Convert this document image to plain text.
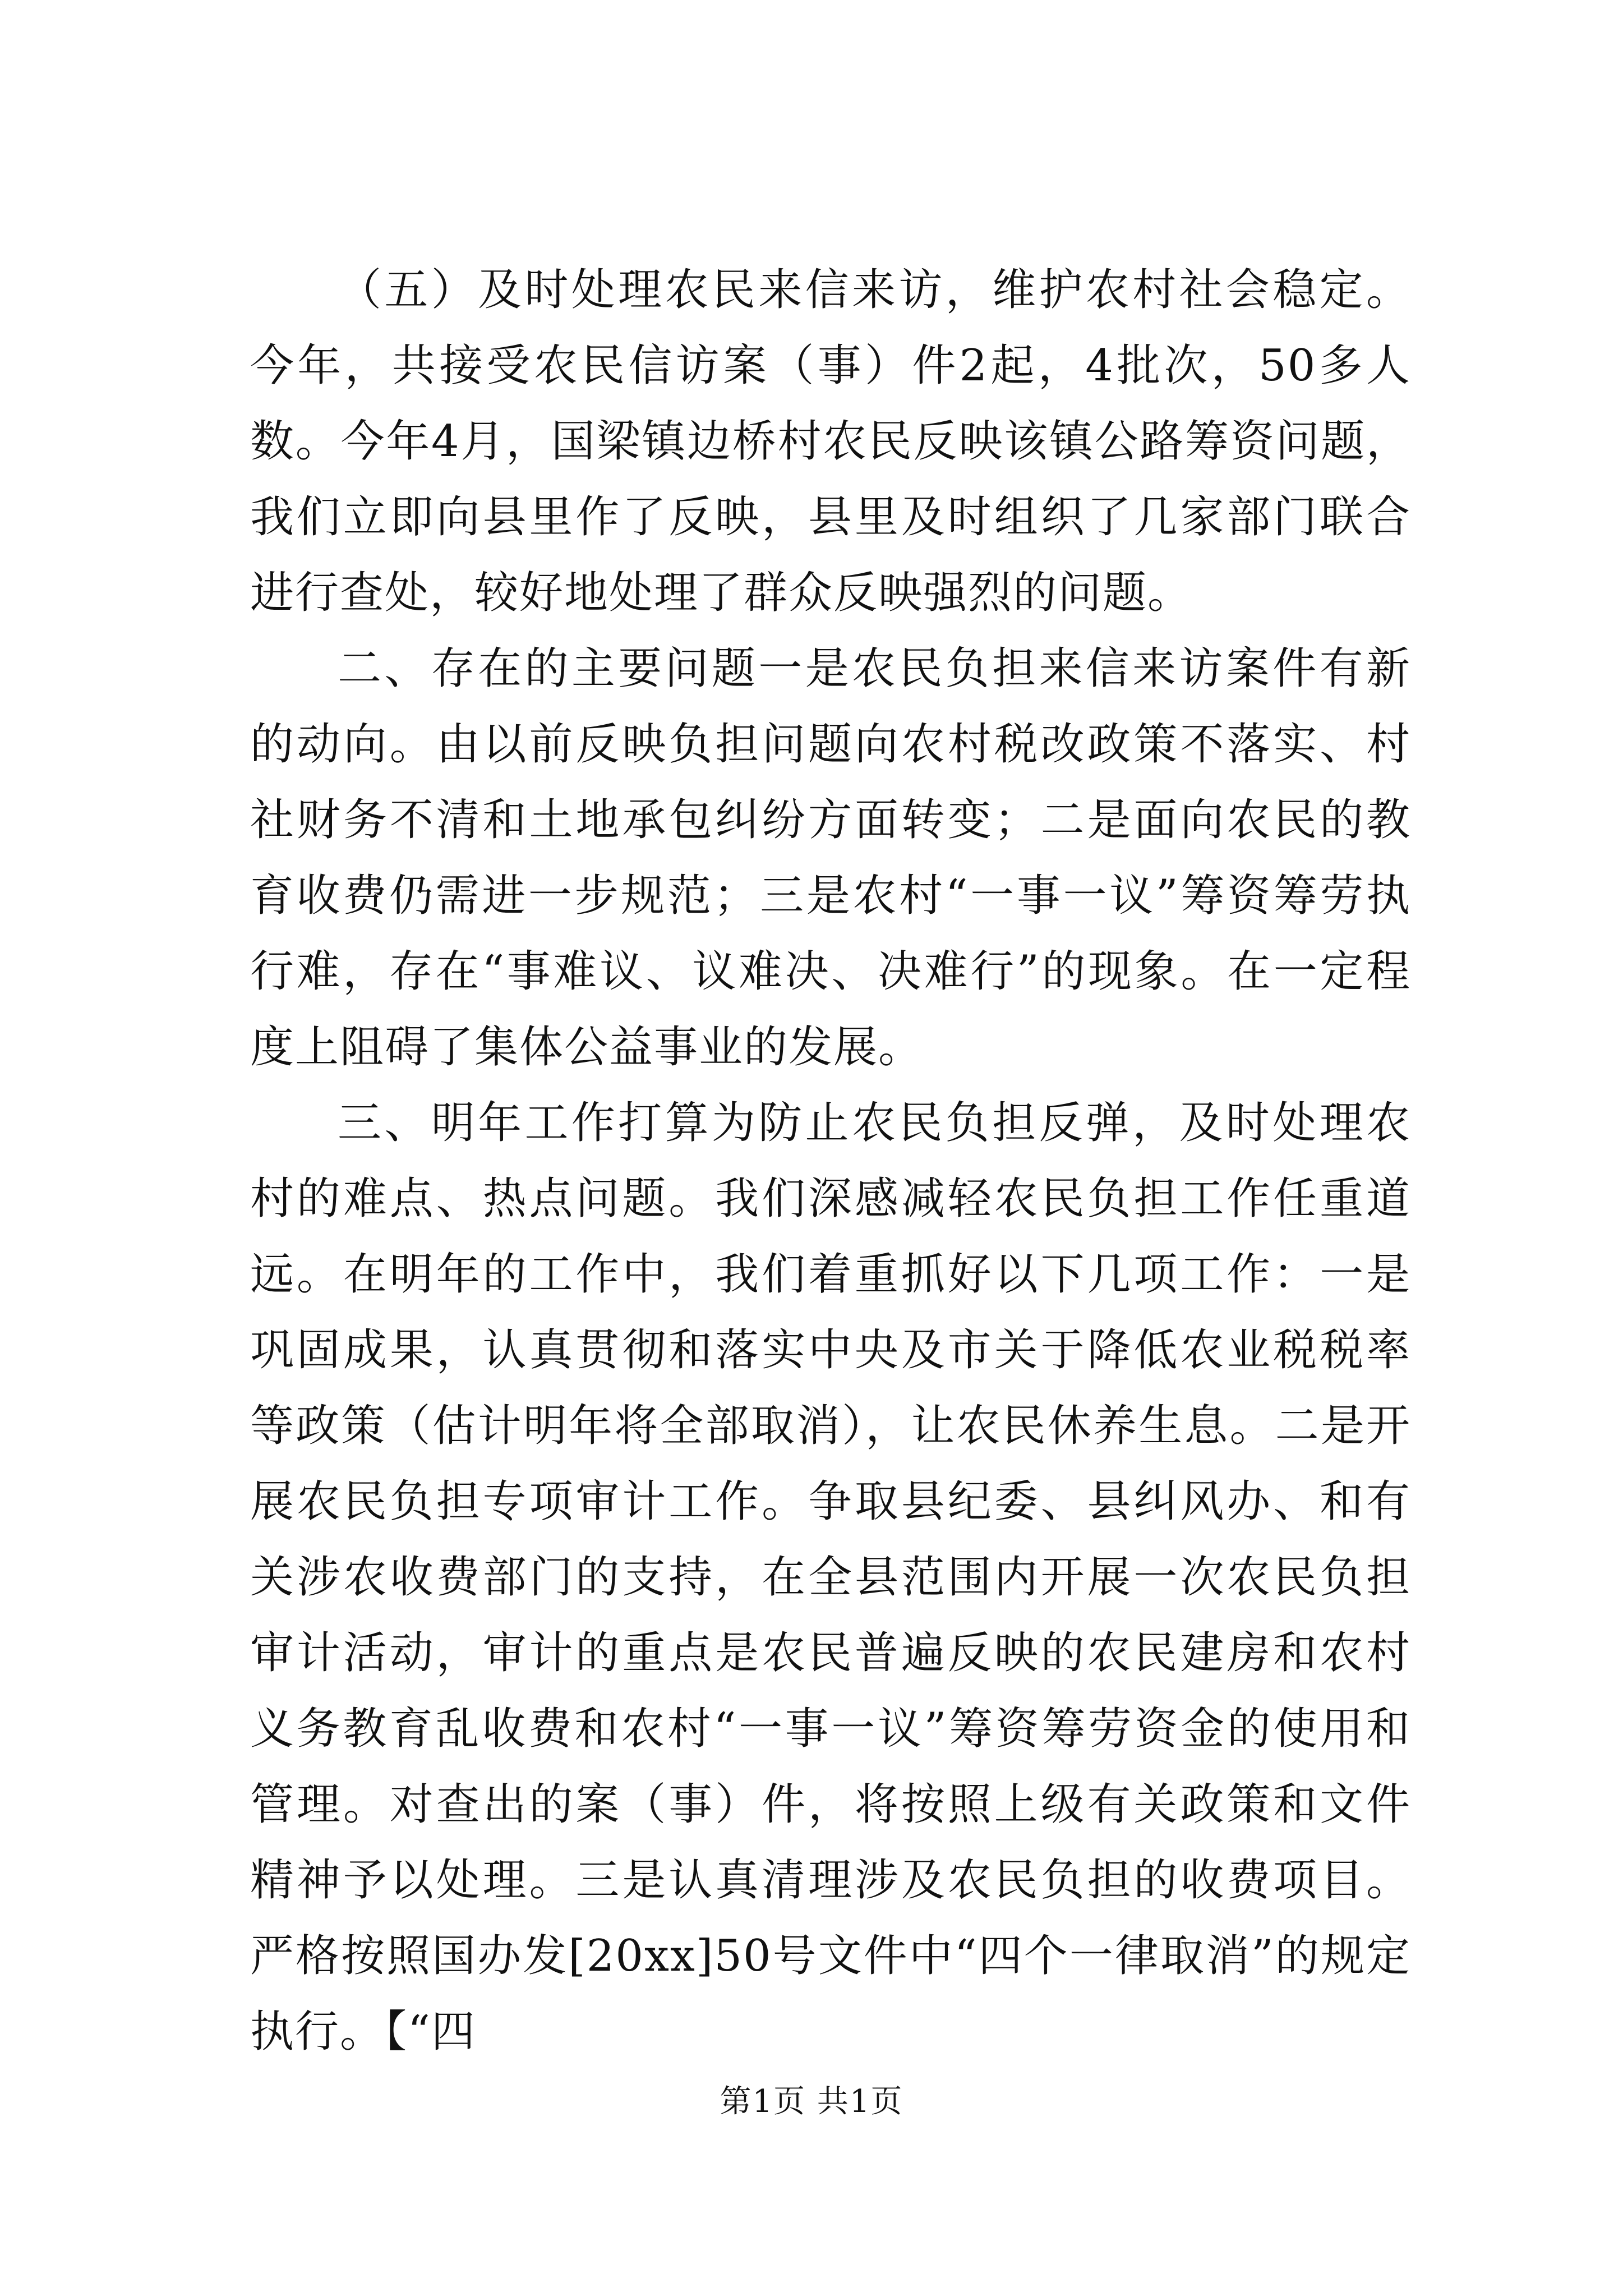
（五）及时处理农民来信来访，维护农村社会稳定。今年，共接受农民信访案（事）件2起，4批次，50多人数。今年4月，国梁镇边桥村农民反映该镇公路筹资问题，我们立即向县里作了反映，县里及时组织了几家部门联合进行查处，较好地处理了群众反映强烈的问题。

二、存在的主要问题一是农民负担来信来访案件有新的动向。由以前反映负担问题向农村税改政策不落实、村社财务不清和土地承包纠纷方面转变；二是面向农民的教育收费仍需进一步规范；三是农村“一事一议”筹资筹劳执行难，存在“事难议、议难决、决难行”的现象。在一定程度上阻碍了集体公益事业的发展。

三、明年工作打算为防止农民负担反弹，及时处理农村的难点、热点问题。我们深感减轻农民负担工作任重道远。在明年的工作中，我们着重抓好以下几项工作：一是巩固成果，认真贯彻和落实中央及市关于降低农业税税率等政策（估计明年将全部取消），让农民休养生息。二是开展农民负担专项审计工作。争取县纪委、县纠风办、和有关涉农收费部门的支持，在全县范围内开展一次农民负担审计活动，审计的重点是农民普遍反映的农民建房和农村义务教育乱收费和农村“一事一议”筹资筹劳资金的使用和管理。对查出的案（事）件，将按照上级有关政策和文件精神予以处理。三是认真清理涉及农民负担的收费项目。严格按照国办发[20xx]50号文件中“四个一律取消”的规定执行。【“四

第1页 共1页
